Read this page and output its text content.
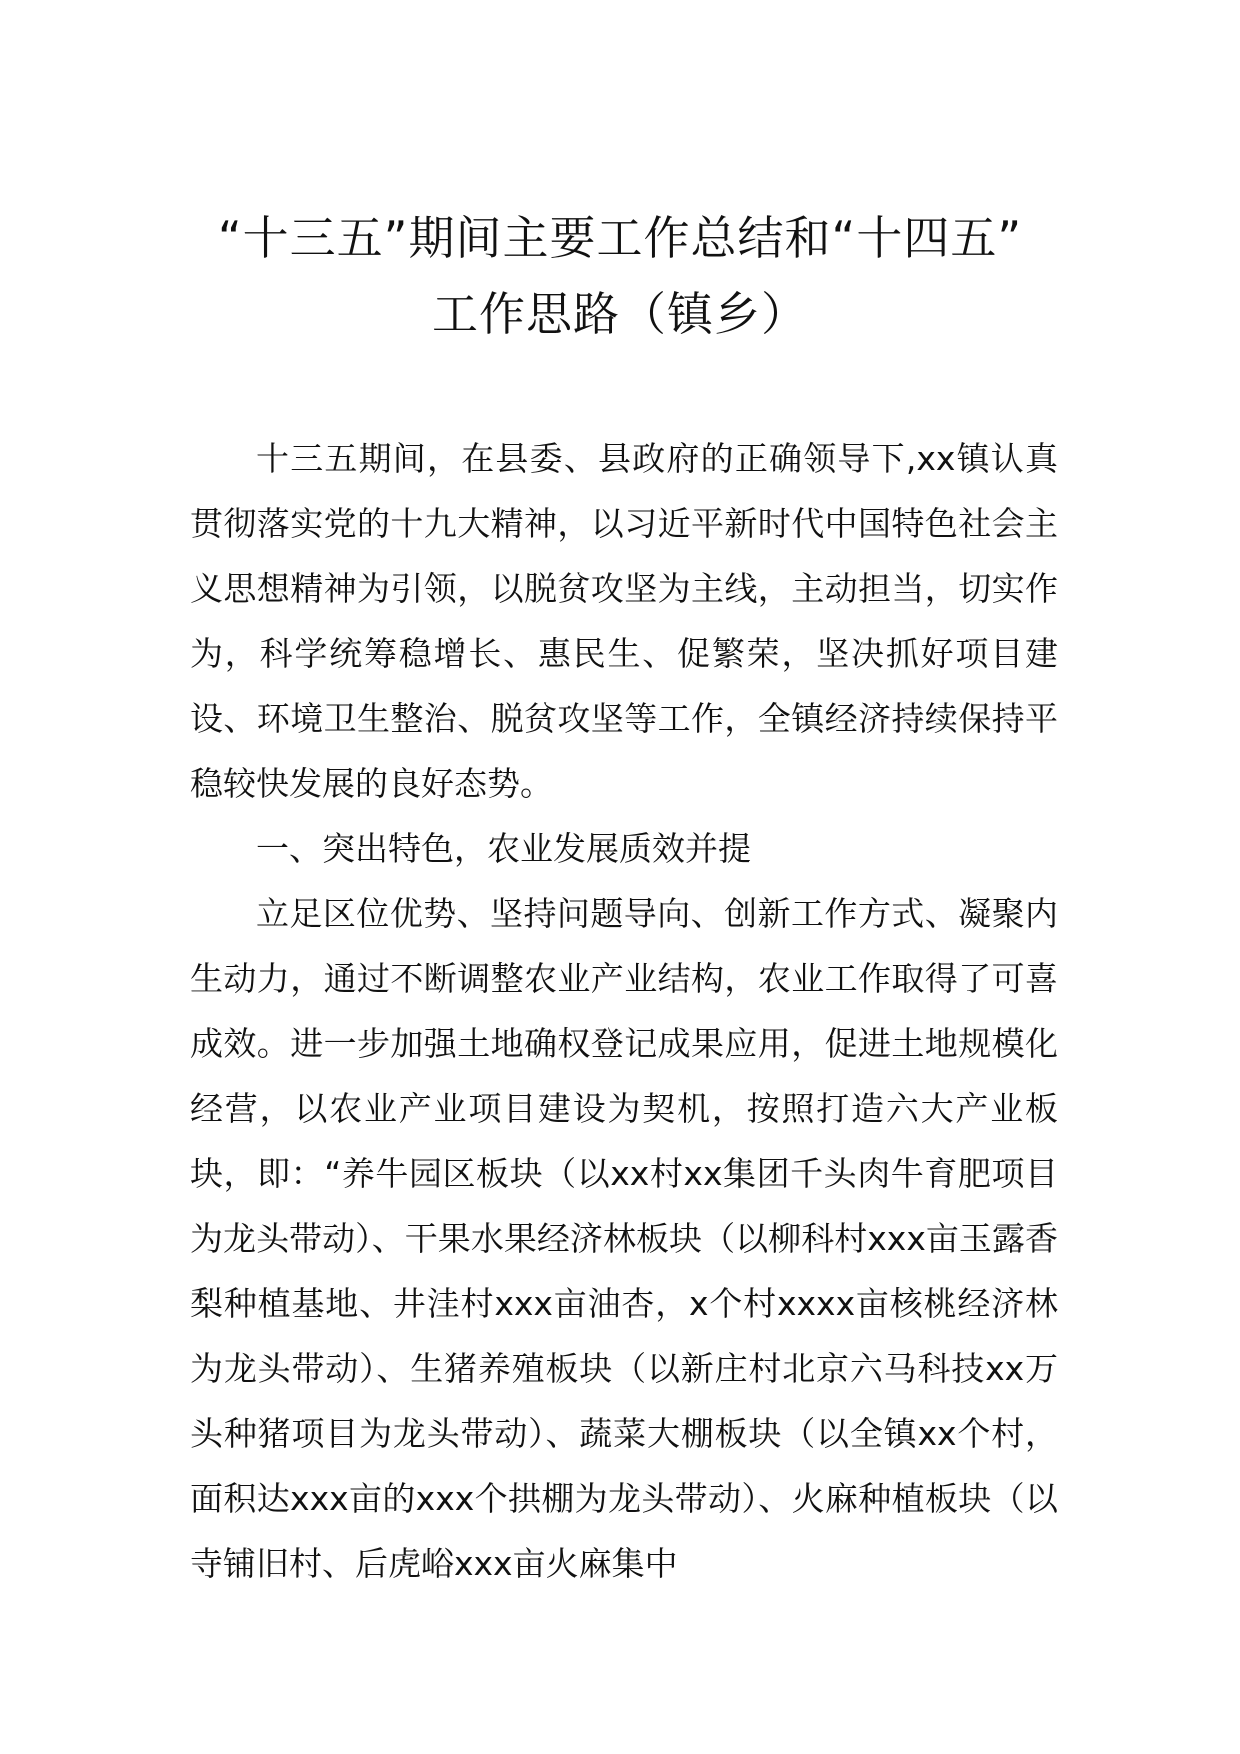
“十三五”期间主要工作总结和“十四五”
工作思路（镇乡）

十三五期间，在县委、县政府的正确领导下,xx镇认真贯彻落实党的十九大精神，以习近平新时代中国特色社会主义思想精神为引领，以脱贫攻坚为主线，主动担当，切实作为，科学统筹稳增长、惠民生、促繁荣，坚决抓好项目建设、环境卫生整治、脱贫攻坚等工作，全镇经济持续保持平稳较快发展的良好态势。

一、突出特色，农业发展质效并提

立足区位优势、坚持问题导向、创新工作方式、凝聚内生动力，通过不断调整农业产业结构，农业工作取得了可喜成效。进一步加强土地确权登记成果应用，促进土地规模化经营，以农业产业项目建设为契机，按照打造六大产业板块，即：“养牛园区板块（以xx村xx集团千头肉牛育肥项目为龙头带动）、干果水果经济林板块（以柳科村xxx亩玉露香梨种植基地、井洼村xxx亩油杏，x个村xxxx亩核桃经济林为龙头带动）、生猪养殖板块（以新庄村北京六马科技xx万头种猪项目为龙头带动）、蔬菜大棚板块（以全镇xx个村，面积达xxx亩的xxx个拱棚为龙头带动）、火麻种植板块（以寺铺旧村、后虎峪xxx亩火麻集中
